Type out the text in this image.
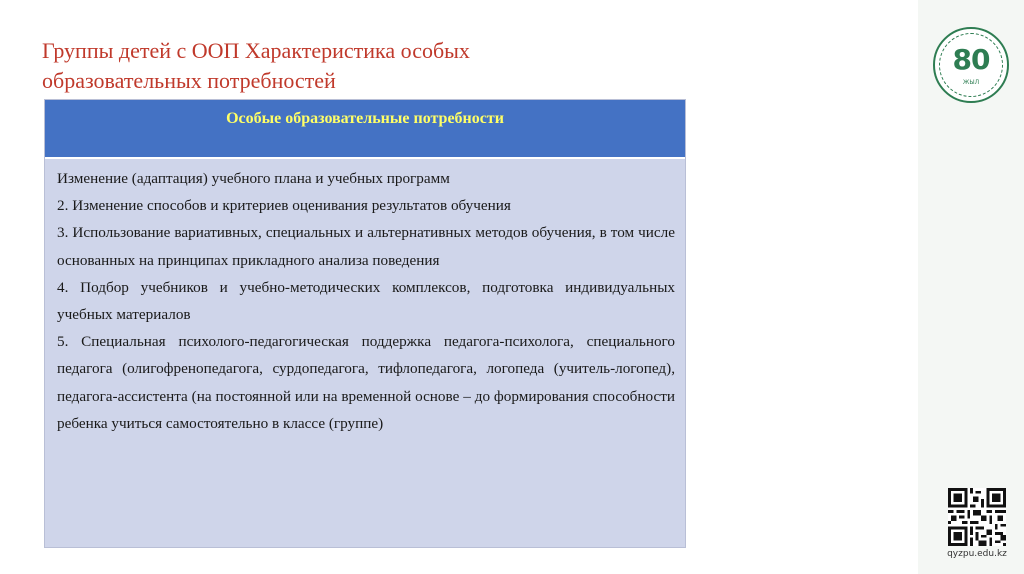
Группы детей с ООП Характеристика особых образовательных потребностей
Особые образовательные потребности

Изменение (адаптация) учебного плана и учебных программ

2. Изменение способов и критериев оценивания результатов обучения

3. Использование вариативных, специальных и альтернативных методов обучения, в том числе основанных на принципах прикладного анализа поведения

4. Подбор учебников и учебно-методических комплексов, подготовка индивидуальных учебных материалов

5. Специальная психолого-педагогическая поддержка педагога-психолога, специального педагога (олигофренопедагога, сурдопедагога, тифлопедагога, логопеда (учитель-логопед), педагога-ассистента (на постоянной или на временной основе – до формирования способности ребенка учиться самостоятельно в классе (группе)

80
ЖЫЛ
qyzpu.edu.kz
